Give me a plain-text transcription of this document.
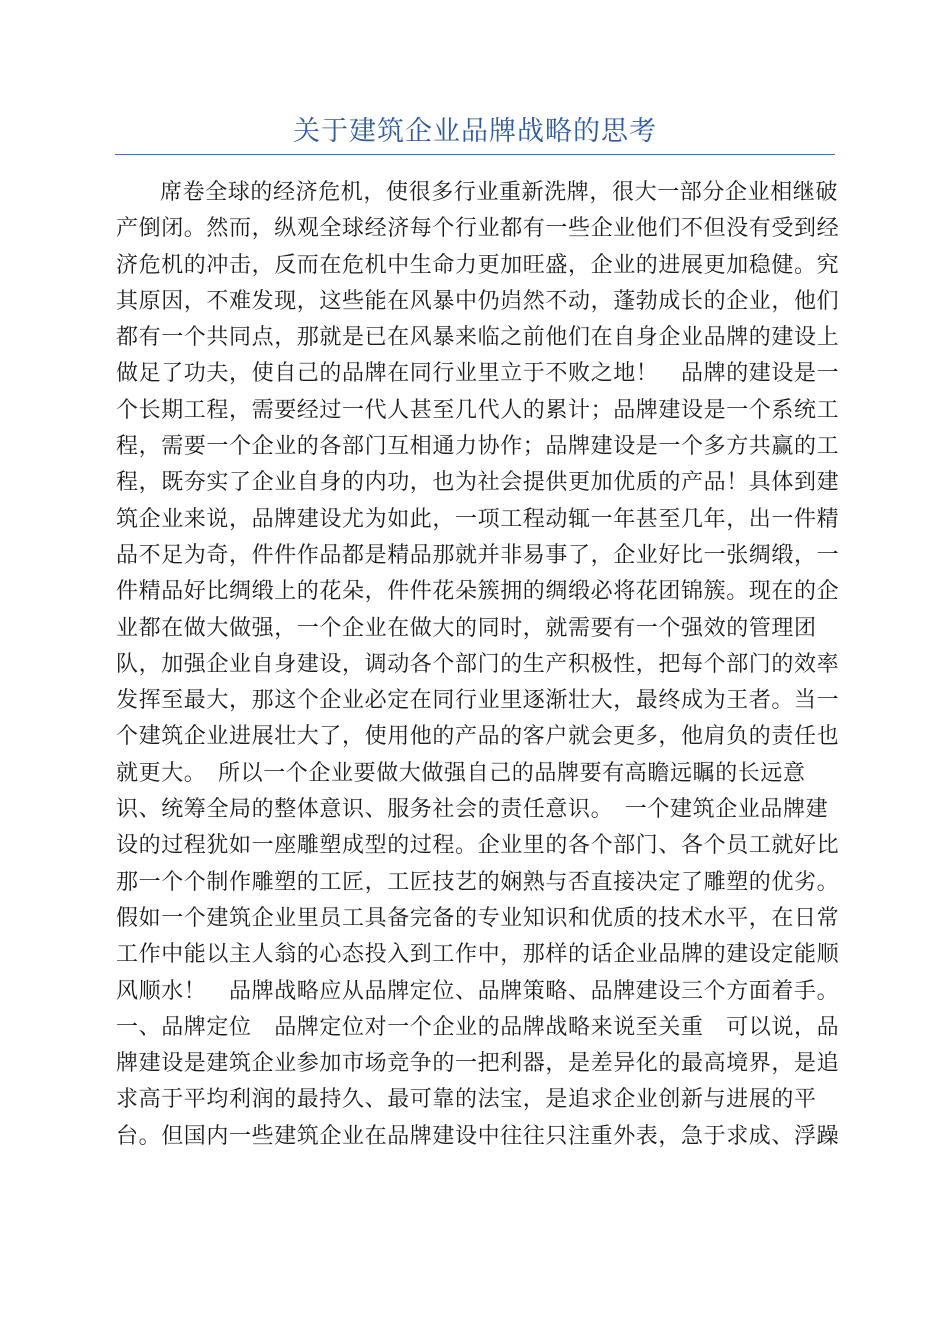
关于建筑企业品牌战略的思考
席卷全球的经济危机，使很多行业重新洗牌，很大一部分企业相继破
产倒闭。然而，纵观全球经济每个行业都有一些企业他们不但没有受到经
济危机的冲击，反而在危机中生命力更加旺盛，企业的进展更加稳健。究
其原因，不难发现，这些能在风暴中仍岿然不动，蓬勃成长的企业，他们
都有一个共同点，那就是已在风暴来临之前他们在自身企业品牌的建设上
做足了功夫，使自己的品牌在同行业里立于不败之地！　品牌的建设是一
个长期工程，需要经过一代人甚至几代人的累计；品牌建设是一个系统工
程，需要一个企业的各部门互相通力协作；品牌建设是一个多方共赢的工
程，既夯实了企业自身的内功，也为社会提供更加优质的产品！具体到建
筑企业来说，品牌建设尤为如此，一项工程动辄一年甚至几年，出一件精
品不足为奇，件件作品都是精品那就并非易事了，企业好比一张绸缎，一
件精品好比绸缎上的花朵，件件花朵簇拥的绸缎必将花团锦簇。现在的企
业都在做大做强，一个企业在做大的同时，就需要有一个强效的管理团
队，加强企业自身建设，调动各个部门的生产积极性，把每个部门的效率
发挥至最大，那这个企业必定在同行业里逐渐壮大，最终成为王者。当一
个建筑企业进展壮大了，使用他的产品的客户就会更多，他肩负的责任也
就更大。　所以一个企业要做大做强自己的品牌要有高瞻远瞩的长远意
识、统筹全局的整体意识、服务社会的责任意识。　一个建筑企业品牌建
设的过程犹如一座雕塑成型的过程。企业里的各个部门、各个员工就好比
那一个个制作雕塑的工匠，工匠技艺的娴熟与否直接决定了雕塑的优劣。
假如一个建筑企业里员工具备完备的专业知识和优质的技术水平，在日常
工作中能以主人翁的心态投入到工作中，那样的话企业品牌的建设定能顺
风顺水！　品牌战略应从品牌定位、品牌策略、品牌建设三个方面着手。
一、品牌定位　品牌定位对一个企业的品牌战略来说至关重　可以说，品
牌建设是建筑企业参加市场竞争的一把利器，是差异化的最高境界，是追
求高于平均利润的最持久、最可靠的法宝，是追求企业创新与进展的平
台。但国内一些建筑企业在品牌建设中往往只注重外表，急于求成、浮躁
